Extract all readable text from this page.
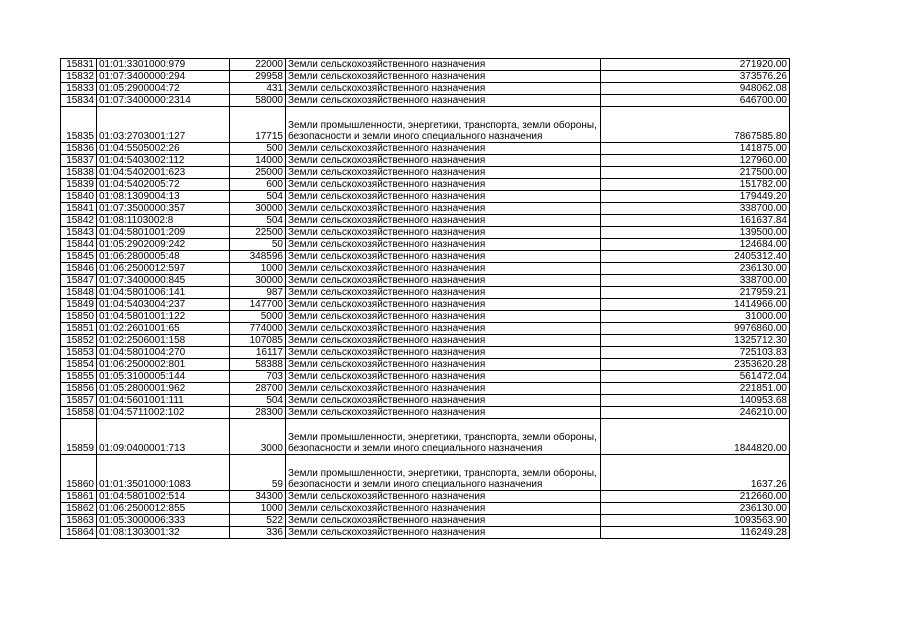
15831	01:01:3301000:979	22000	Земли сельскохозяйственного назначения	271920.00
15832	01:07:3400000:294	29958	Земли сельскохозяйственного назначения	373576.26
15833	01:05:2900004:72	431	Земли сельскохозяйственного назначения	948062.08
15834	01:07:3400000:2314	58000	Земли сельскохозяйственного назначения	646700.00
15835	01:03:2703001:127	17715	Земли промышленности, энергетики, транспорта, земли обороны, безопасности и земли иного специального назначения	7867585.80
15836	01:04:5505002:26	500	Земли сельскохозяйственного назначения	141875.00
15837	01:04:5403002:112	14000	Земли сельскохозяйственного назначения	127960.00
15838	01:04:5402001:623	25000	Земли сельскохозяйственного назначения	217500.00
15839	01:04:5402005:72	600	Земли сельскохозяйственного назначения	151782.00
15840	01:08:1309004:13	504	Земли сельскохозяйственного назначения	179449.20
15841	01:07:3500000:357	30000	Земли сельскохозяйственного назначения	338700.00
15842	01:08:1103002:8	504	Земли сельскохозяйственного назначения	161637.84
15843	01:04:5801001:209	22500	Земли сельскохозяйственного назначения	139500.00
15844	01:05:2902009:242	50	Земли сельскохозяйственного назначения	124684.00
15845	01:06:2800005:48	348596	Земли сельскохозяйственного назначения	2405312.40
15846	01:06:2500012:597	1000	Земли сельскохозяйственного назначения	236130.00
15847	01:07:3400000:845	30000	Земли сельскохозяйственного назначения	338700.00
15848	01:04:5801006:141	987	Земли сельскохозяйственного назначения	217959.21
15849	01:04:5403004:237	147700	Земли сельскохозяйственного назначения	1414966.00
15850	01:04:5801001:122	5000	Земли сельскохозяйственного назначения	31000.00
15851	01:02:2601001:65	774000	Земли сельскохозяйственного назначения	9976860.00
15852	01:02:2506001:158	107085	Земли сельскохозяйственного назначения	1325712.30
15853	01:04:5801004:270	16117	Земли сельскохозяйственного назначения	725103.83
15854	01:06:2500002:801	58388	Земли сельскохозяйственного назначения	2353620.28
15855	01:05:3100005:144	703	Земли сельскохозяйственного назначения	561472.04
15856	01:05:2800001:962	28700	Земли сельскохозяйственного назначения	221851.00
15857	01:04:5601001:111	504	Земли сельскохозяйственного назначения	140953.68
15858	01:04:5711002:102	28300	Земли сельскохозяйственного назначения	246210.00
15859	01:09:0400001:713	3000	Земли промышленности, энергетики, транспорта, земли обороны, безопасности и земли иного специального назначения	1844820.00
15860	01:01:3501000:1083	59	Земли промышленности, энергетики, транспорта, земли обороны, безопасности и земли иного специального назначения	1637.26
15861	01:04:5801002:514	34300	Земли сельскохозяйственного назначения	212660.00
15862	01:06:2500012:855	1000	Земли сельскохозяйственного назначения	236130.00
15863	01:05:3000006:333	522	Земли сельскохозяйственного назначения	1093563.90
15864	01:08:1303001:32	336	Земли сельскохозяйственного назначения	116249.28
